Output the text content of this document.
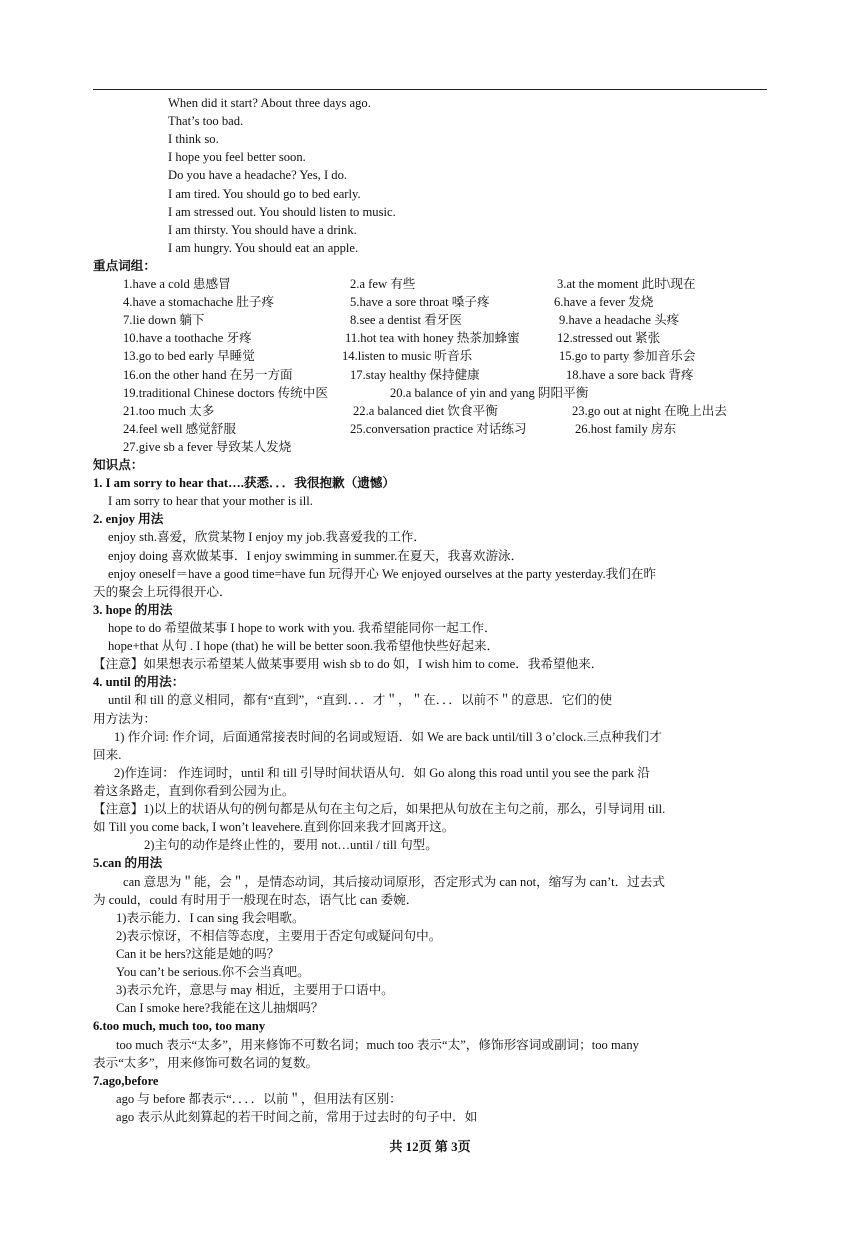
When did it start? About three days ago.
That’s too bad.
I think so.
I hope you feel better soon.
Do you have a headache? Yes, I do.
I am tired. You should go to bed early.
I am stressed out. You should listen to music.
I am thirsty. You should have a drink.
I am hungry. You should eat an apple.
重点词组：
1.have a cold 患感冒	2.a few 有些	3.at the moment 此时\现在
4.have a stomachache 肚子疼	5.have a sore throat 嗓子疼	6.have a fever 发烧
7.lie down 躺下	8.see a dentist 看牙医	9.have a headache 头疼
10.have a toothache 牙疼	11.hot tea with honey 热茶加蜂蜜	12.stressed out 紧张
13.go to bed early 早睡觉	14.listen to music 听音乐	15.go to party 参加音乐会
16.on the other hand 在另一方面	17.stay healthy 保持健康	18.have a sore back 背疼
19.traditional Chinese doctors 传统中医	20.a balance of yin and yang 阴阳平衡
21.too much 太多	22.a balanced diet 饮食平衡	23.go out at night 在晚上出去
24.feel well 感觉舒服	25.conversation practice 对话练习	26.host family 房东
27.give sb a fever 导致某人发烧
知识点：
1. I am sorry to hear that….获悉．．．我很抱歉（遗憾）
I am sorry to hear that your mother is ill.
2. enjoy 用法
enjoy sth.喜爱，欣赏某物 I enjoy my job.我喜爱我的工作．
enjoy doing 喜欢做某事．I enjoy swimming in summer.在夏天，我喜欢游泳．
enjoy oneself＝have a good time=have fun 玩得开心 We enjoyed ourselves at the party yesterday.我们在昨
天的聚会上玩得很开心．
3. hope 的用法
hope to do 希望做某事 I hope to work with you. 我希望能同你一起工作．
hope+that 从句 . I hope (that) he will be better soon.我希望他快些好起来．
【注意】如果想表示希望某人做某事要用 wish sb to do 如，I wish him to come．我希望他来．
4. until 的用法：
until 和 till 的意义相同，都有“直到”，“直到．．．才＂，＂在．．．以前不＂的意思．它们的使
用方法为：
1) 作介词: 作介词，后面通常接表时间的名词或短语．如 We are back until/till 3 o’clock.三点种我们才
回来.
2)作连词： 作连词时，until 和 till 引导时间状语从句．如 Go along this road until you see the park 沿
着这条路走，直到你看到公园为止。
【注意】1)以上的状语从句的例句都是从句在主句之后，如果把从句放在主句之前，那么，引导词用 till.
如 Till you come back, I won’t leavehere.直到你回来我才回离开这。
2)主句的动作是终止性的，要用 not…until / till 句型。
5.can 的用法
can 意思为＂能，会＂，是情态动词，其后接动词原形，否定形式为 can not，缩写为 can’t．过去式
为 could，could 有时用于一般现在时态，语气比 can 委婉．
1)表示能力．I can sing 我会唱歌。
2)表示惊讶，不相信等态度，主要用于否定句或疑问句中。
Can it be hers?这能是她的吗？
You can’t be serious.你不会当真吧。
3)表示允许，意思与 may 相近，主要用于口语中。
Can I smoke here?我能在这儿抽烟吗？
6.too much, much too, too many
too much 表示“太多”，用来修饰不可数名词；much too 表示“太”，修饰形容词或副词；too many
表示“太多”，用来修饰可数名词的复数。
7.ago,before
ago 与 before 都表示“．．．．以前＂，但用法有区别：
ago 表示从此刻算起的若干时间之前，常用于过去时的句子中．如
共 12页 第 3页
